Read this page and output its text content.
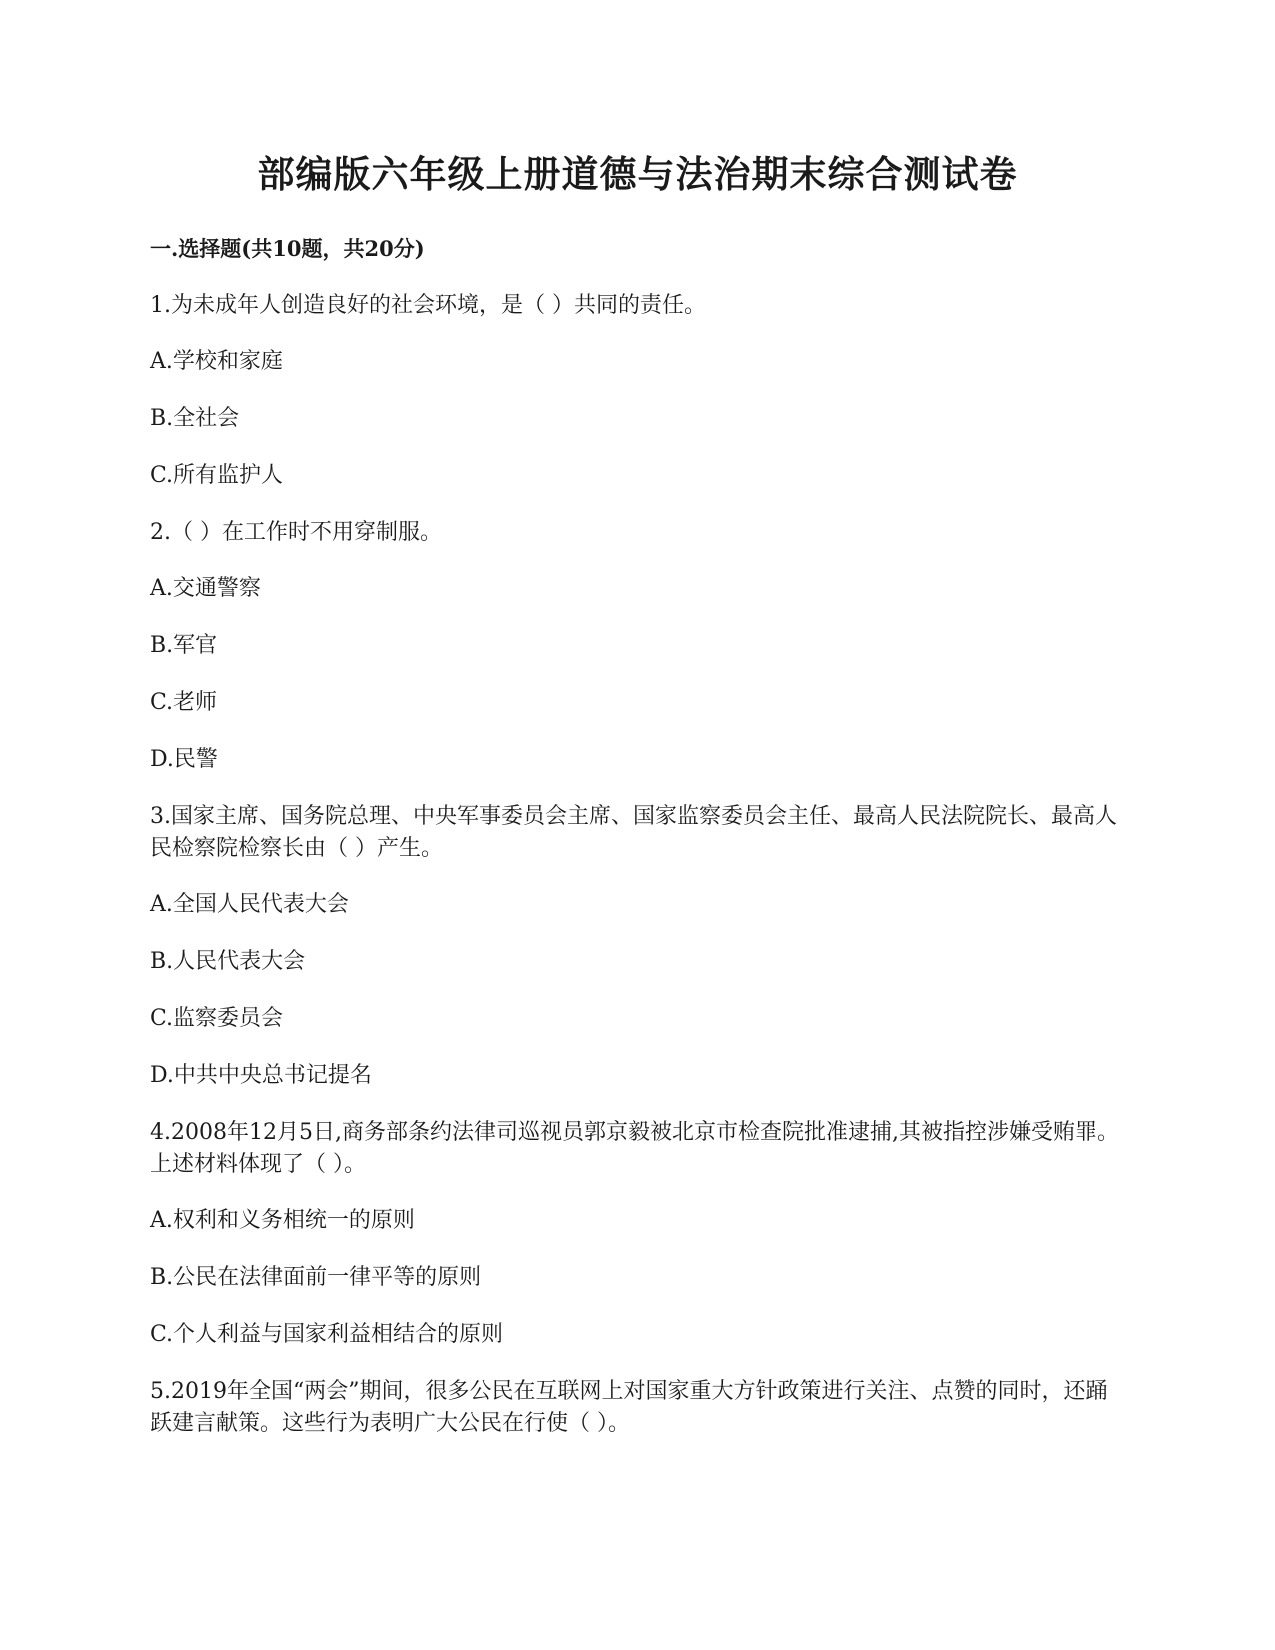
部编版六年级上册道德与法治期末综合测试卷
一.选择题(共10题，共20分)
1.为未成年人创造良好的社会环境，是（ ）共同的责任。
A.学校和家庭
B.全社会
C.所有监护人
2.（ ）在工作时不用穿制服。
A.交通警察
B.军官
C.老师
D.民警
3.国家主席、国务院总理、中央军事委员会主席、国家监察委员会主任、最高人民法院院长、最高人民检察院检察长由（ ）产生。
A.全国人民代表大会
B.人民代表大会
C.监察委员会
D.中共中央总书记提名
4.2008年12月5日,商务部条约法律司巡视员郭京毅被北京市检查院批准逮捕,其被指控涉嫌受贿罪。上述材料体现了（ ）。
A.权利和义务相统一的原则
B.公民在法律面前一律平等的原则
C.个人利益与国家利益相结合的原则
5.2019年全国“两会”期间，很多公民在互联网上对国家重大方针政策进行关注、点赞的同时，还踊跃建言献策。这些行为表明广大公民在行使（ ）。
